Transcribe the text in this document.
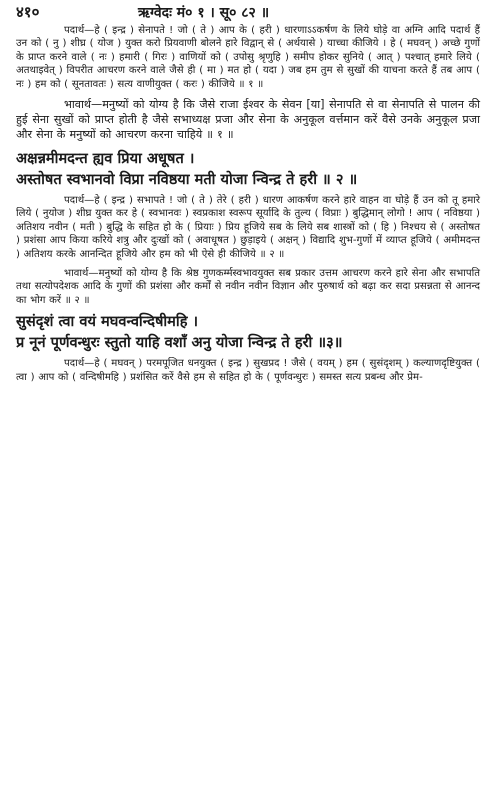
४१०	ऋग्वेदः मं० १ । सू० ८२ ॥

पदार्थ—हे ( इन्द्र ) सेनापते ! जो ( ते ) आप के ( हरी ) धारणाऽऽकर्षण के लिये घोड़े वा अग्नि आदि पदार्थ हैं उन को ( नु ) शीघ्र ( योज ) युक्त करो प्रियवाणी बोलने हारे विद्वान् से ( अर्थयासे ) याच्चा कीजिये । हे ( मघवन् ) अच्छे गुणों के प्राप्त करने वाले ( नः ) हमारी ( गिरः ) वाणियों को ( उपोसु श्रृणुहि ) समीप होकर सुनिये ( आत् ) पश्चात् हमारे लिये ( अतथाइवेत् ) विपरीत आचरण करने वाले जैसे ही ( मा ) मत हो ( यदा ) जब हम तुम से सुखों की याचना करते हैं तब आप ( नः ) हम को ( सूनतावतः ) सत्य वाणीयुक्त ( करः ) कीजिये ॥ १ ॥

भावार्थ—मनुष्यों को योग्य है कि जैसे राजा ईश्वर के सेवन [या] सेनापति से वा सेनापति से पालन की हुई सेना सुखों को प्राप्त होती है जैसे सभाध्यक्ष प्रजा और सेना के अनुकूल वर्त्तमान करें वैसे उनके अनुकूल प्रजा और सेना के मनुष्यों को आचरण करना चाहिये ॥ १ ॥

अक्षन्नमीमदन्त ह्यव प्रिया अधूषत ।

अस्तोषत स्वभानवो विप्रा नविष्ठया मती योजा न्विन्द्र ते हरी ॥ २ ॥

पदार्थ—हे ( इन्द्र ) सभापते ! जो ( ते ) तेरे ( हरी ) धारण आकर्षण करने हारे वाहन वा घोड़े हैं उन को तू हमारे लिये ( नुयोज ) शीघ्र युक्त कर हे ( स्वभानवः ) स्वप्रकाश स्वरूप सूर्यादि के तुल्य ( विप्राः ) बुद्धिमान् लोगो ! आप ( नविष्ठया ) अतिशय नवीन ( मती ) बुद्धि के सहित हो के ( प्रियाः ) प्रिय हूजिये सब के लिये सब शास्त्रों को ( हि ) निश्चय से ( अस्तोषत ) प्रशंसा आप किया करिये शत्रु और दुःखों को ( अवाधूषत ) छुड़ाइये ( अक्षन् ) विद्यादि शुभ-गुणों में व्याप्त हूजिये ( अमीमदन्त ) अतिशय करके आनन्दित हूजिये और हम को भी ऐसे ही कीजिये ॥ २ ॥

भावार्थ—मनुष्यों को योग्य है कि श्रेष्ठ गुणकर्म्मस्वभावयुक्त सब प्रकार उत्तम आचरण करने हारे सेना और सभापति तथा सत्योपदेशक आदि के गुणों की प्रशंसा और कर्मों से नवीन नवीन विज्ञान और पुरुषार्थ को बढ़ा कर सदा प्रसन्नता से आनन्द का भोग करें ॥ २ ॥

सुसंदृशं त्वा वयं मघवन्वन्दिषीमहि ।

प्र नूनं पूर्णवन्धुरः स्तुतो याहि वशाँ अनु योजा न्विन्द्र ते हरी ॥३॥

पदार्थ—हे ( मघवन् ) परमपूजित धनयुक्त ( इन्द्र ) सुखप्रद ! जैसे ( वयम् ) हम ( सुसंदृशम् ) कल्याणदृष्टियुक्त ( त्वा ) आप को ( वन्दिषीमहि ) प्रशंसित करें वैसे हम से सहित हो के ( पूर्णवन्धुरः ) समस्त सत्य प्रबन्ध और प्रेम-
